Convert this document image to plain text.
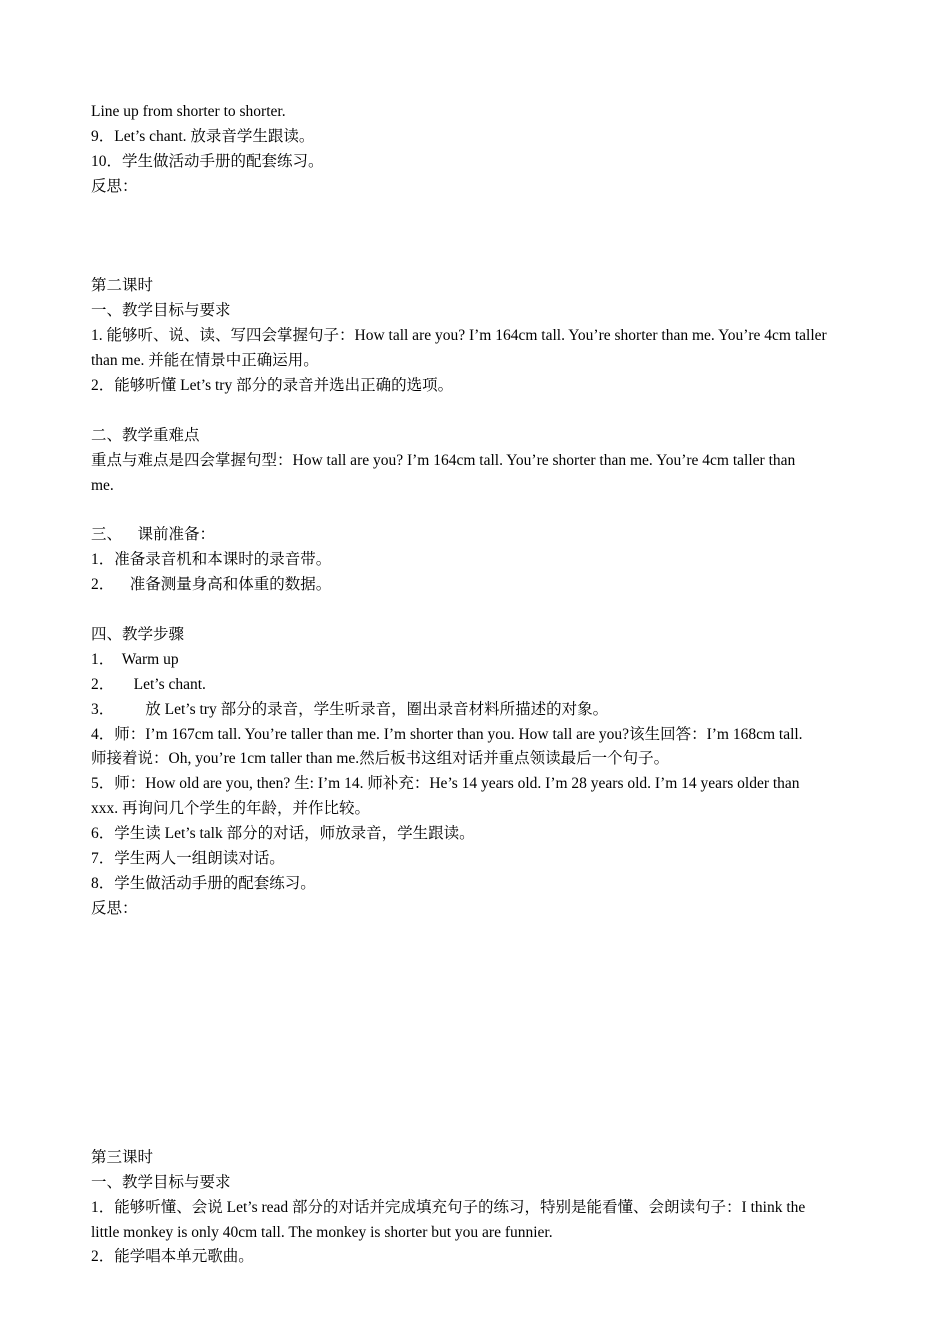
Line up from shorter to shorter.

9．Let’s chant. 放录音学生跟读。

10．学生做活动手册的配套练习。

反思：

第二课时

一、教学目标与要求

1. 能够听、说、读、写四会掌握句子：How tall are you? I’m 164cm tall. You’re shorter than me. You’re 4cm taller

than me. 并能在情景中正确运用。

2．能够听懂 Let’s try 部分的录音并选出正确的选项。

二、教学重难点

重点与难点是四会掌握句型：How tall are you? I’m 164cm tall. You’re shorter than me. You’re 4cm taller than

me.

三、    课前准备：

1．准备录音机和本课时的录音带。

2．    准备测量身高和体重的数据。

四、教学步骤

1．  Warm up

2．     Let’s chant.

3．        放 Let’s try 部分的录音，学生听录音，圈出录音材料所描述的对象。

4．师：I’m 167cm tall. You’re taller than me. I’m shorter than you. How tall are you?该生回答：I’m 168cm tall.

师接着说：Oh, you’re 1cm taller than me.然后板书这组对话并重点领读最后一个句子。

5．师：How old are you, then? 生: I’m 14. 师补充：He’s 14 years old. I’m 28 years old. I’m 14 years older than

xxx. 再询问几个学生的年龄，并作比较。

6．学生读 Let’s talk 部分的对话，师放录音，学生跟读。

7．学生两人一组朗读对话。

8．学生做活动手册的配套练习。

反思：

第三课时

一、教学目标与要求

1．能够听懂、会说 Let’s read 部分的对话并完成填充句子的练习，特别是能看懂、会朗读句子：I think the

little monkey is only 40cm tall. The monkey is shorter but you are funnier.

2．能学唱本单元歌曲。
